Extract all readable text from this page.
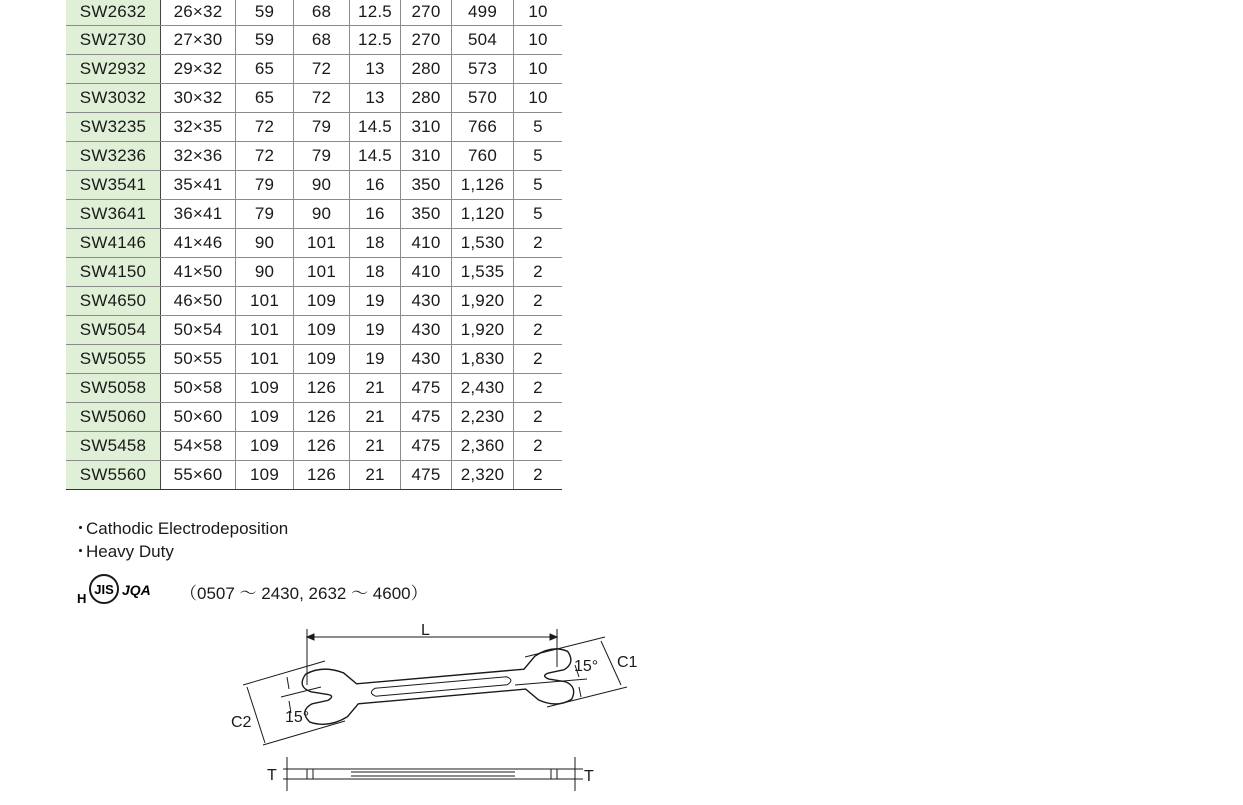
SW2632	26×32	59	68	12.5	270	499	10
SW2730	27×30	59	68	12.5	270	504	10
SW2932	29×32	65	72	13	280	573	10
SW3032	30×32	65	72	13	280	570	10
SW3235	32×35	72	79	14.5	310	766	5
SW3236	32×36	72	79	14.5	310	760	5
SW3541	35×41	79	90	16	350	1,126	5
SW3641	36×41	79	90	16	350	1,120	5
SW4146	41×46	90	101	18	410	1,530	2
SW4150	41×50	90	101	18	410	1,535	2
SW4650	46×50	101	109	19	430	1,920	2
SW5054	50×54	101	109	19	430	1,920	2
SW5055	50×55	101	109	19	430	1,830	2
SW5058	50×58	109	126	21	475	2,430	2
SW5060	50×60	109	126	21	475	2,230	2
SW5458	54×58	109	126	21	475	2,360	2
SW5560	55×60	109	126	21	475	2,320	2
・Cathodic Electrodeposition
・Heavy Duty
H
JIS JQA （0507 ～ 2430, 2632 ～ 4600）
L
C1
C2
15°
15°
T	T
